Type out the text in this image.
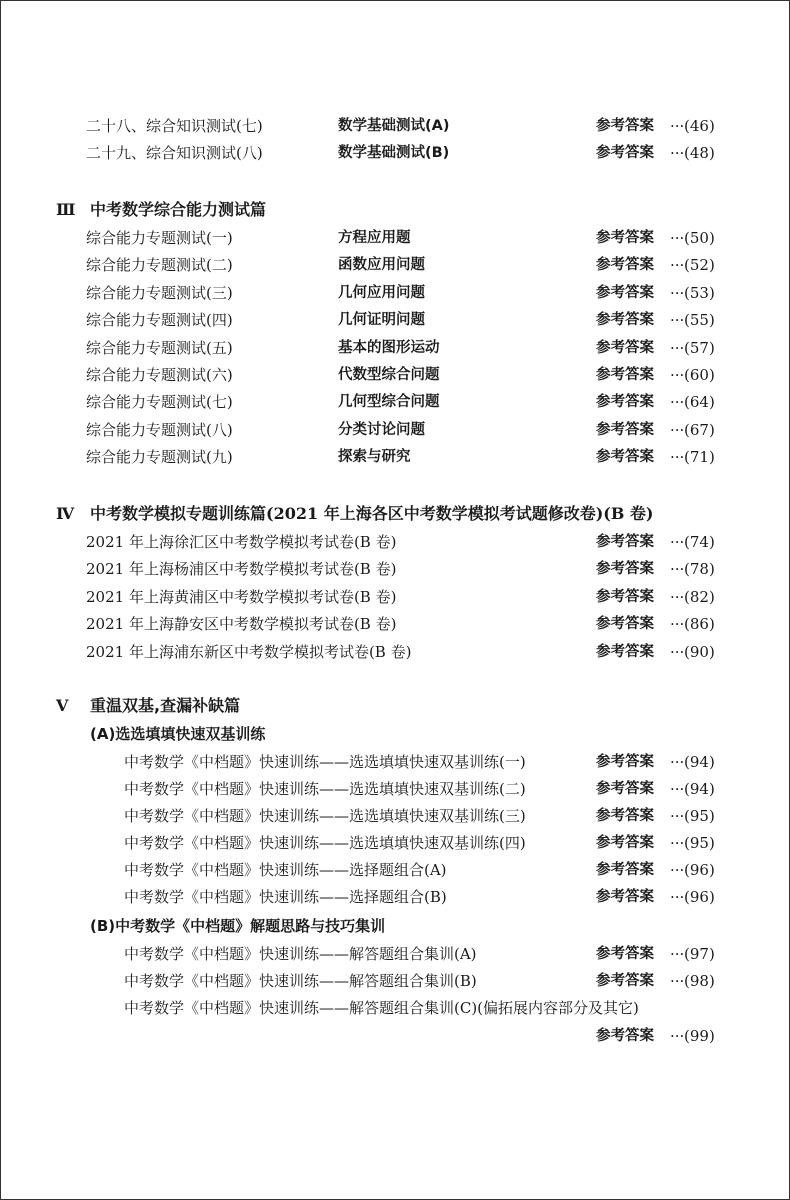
二十八、综合知识测试(七)	数学基础测试(A)	参考答案 ··· (46)
二十九、综合知识测试(八)	数学基础测试(B)	参考答案 ··· (48)
Ⅲ 中考数学综合能力测试篇
综合能力专题测试(一)	方程应用题	参考答案 ··· (50)
综合能力专题测试(二)	函数应用问题	参考答案 ··· (52)
综合能力专题测试(三)	几何应用问题	参考答案 ··· (53)
综合能力专题测试(四)	几何证明问题	参考答案 ··· (55)
综合能力专题测试(五)	基本的图形运动	参考答案 ··· (57)
综合能力专题测试(六)	代数型综合问题	参考答案 ··· (60)
综合能力专题测试(七)	几何型综合问题	参考答案 ··· (64)
综合能力专题测试(八)	分类讨论问题	参考答案 ··· (67)
综合能力专题测试(九)	探索与研究	参考答案 ··· (71)
Ⅳ 中考数学模拟专题训练篇(2021 年上海各区中考数学模拟考试题修改卷)(B 卷)
2021 年上海徐汇区中考数学模拟考试卷(B 卷)	参考答案 ··· (74)
2021 年上海杨浦区中考数学模拟考试卷(B 卷)	参考答案 ··· (78)
2021 年上海黄浦区中考数学模拟考试卷(B 卷)	参考答案 ··· (82)
2021 年上海静安区中考数学模拟考试卷(B 卷)	参考答案 ··· (86)
2021 年上海浦东新区中考数学模拟考试卷(B 卷)	参考答案 ··· (90)
V 重温双基,查漏补缺篇
(A)选选填填快速双基训练
中考数学《中档题》快速训练——选选填填快速双基训练(一)	参考答案 ··· (94)
中考数学《中档题》快速训练——选选填填快速双基训练(二)	参考答案 ··· (94)
中考数学《中档题》快速训练——选选填填快速双基训练(三)	参考答案 ··· (95)
中考数学《中档题》快速训练——选选填填快速双基训练(四)	参考答案 ··· (95)
中考数学《中档题》快速训练——选择题组合(A)	参考答案 ··· (96)
中考数学《中档题》快速训练——选择题组合(B)	参考答案 ··· (96)
(B)中考数学《中档题》解题思路与技巧集训
中考数学《中档题》快速训练——解答题组合集训(A)	参考答案 ··· (97)
中考数学《中档题》快速训练——解答题组合集训(B)	参考答案 ··· (98)
中考数学《中档题》快速训练——解答题组合集训(C)(偏拓展内容部分及其它)
参考答案 ··· (99)
